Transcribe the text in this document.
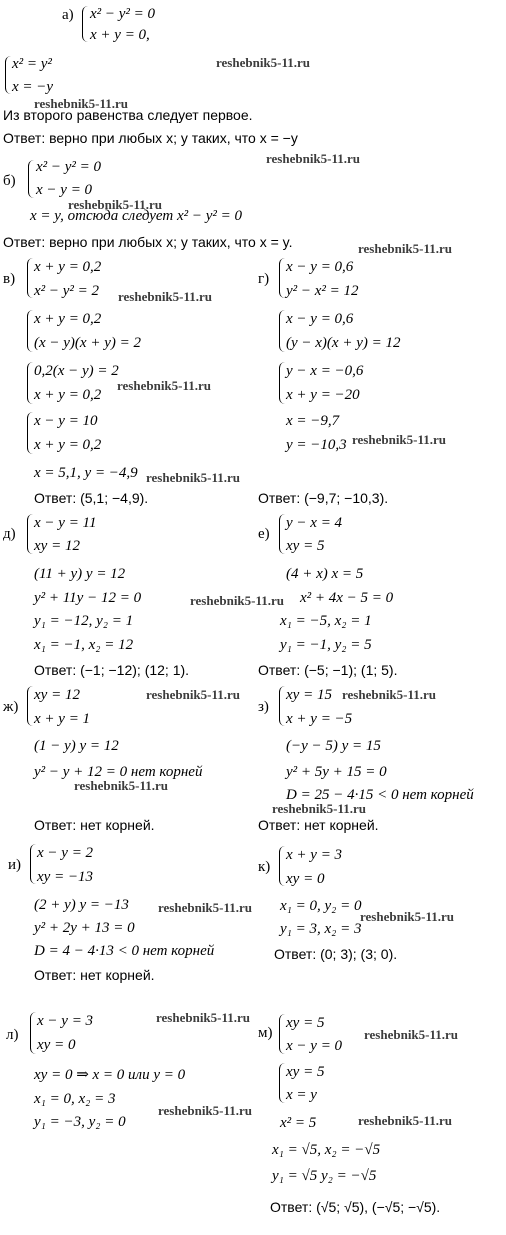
а) x² − y² = 0
x + y = 0,
x² = y²
x = −y
reshebnik5-11.ru
reshebnik5-11.ru
Из второго равенства следует первое.
Ответ: верно при любых x; y таких, что x = −y
reshebnik5-11.ru
б)
x² − y² = 0
x − y = 0
reshebnik5-11.ru
x = y, отсюда следует x² − y² = 0
Ответ: верно при любых x; y таких, что x = y.	reshebnik5-11.ru
в)
x + y = 0,2
x² − y² = 2 reshebnik5-11.ru
x + y = 0,2
(x − y)(x + y) = 2
0,2(x − y) = 2
x + y = 0,2
reshebnik5-11.ru
x − y = 10
x + y = 0,2
x = 5,1, y = −4,9 reshebnik5-11.ru
Ответ: (5,1; −4,9).
г)
x − y = 0,6
y² − x² = 12
x − y = 0,6
(y − x)(x + y) = 12
y − x = −0,6
x + y = −20
x = −9,7
y = −10,3 reshebnik5-11.ru
Ответ: (−9,7; −10,3).
д)
x − y = 11
xy = 12
(11 + y) y = 12
y² + 11y − 12 = 0	reshebnik5-11.ru
y₁ = −12, y₂ = 1
x₁ = −1, x₂ = 12
Ответ: (−1; −12); (12; 1).
е)
y − x = 4
xy = 5
(4 + x) x = 5
x² + 4x − 5 = 0
x₁ = −5, x₂ = 1
y₁ = −1, y₂ = 5
Ответ: (−5; −1); (1; 5).
ж)
xy = 12
x + y = 1
reshebnik5-11.ru
(1 − y) y = 12
y² − y + 12 = 0 нет корней
reshebnik5-11.ru
Ответ: нет корней.
з)
xy = 15
x + y = −5
reshebnik5-11.ru
(−y − 5) y = 15
y² + 5y + 15 = 0
D = 25 − 4·15 < 0 нет корней
reshebnik5-11.ru
Ответ: нет корней.
и)
x − y = 2
xy = −13
(2 + y) y = −13 reshebnik5-11.ru
y² + 2y + 13 = 0
D = 4 − 4·13 < 0 нет корней
Ответ: нет корней.
к)
x + y = 3
xy = 0
x₁ = 0, y₂ = 0
reshebnik5-11.ru
y₁ = 3, x₂ = 3
Ответ: (0; 3); (3; 0).
л)
x − y = 3
xy = 0
reshebnik5-11.ru
xy = 0 ⇒ x = 0 или y = 0
x₁ = 0, x₂ = 3
reshebnik5-11.ru
y₁ = −3, y₂ = 0
м)
xy = 5
x − y = 0
reshebnik5-11.ru
xy = 5
x = y
x² = 5	reshebnik5-11.ru
x₁ = √5, x₂ = −√5
y₁ = √5 y₂ = −√5
Ответ: (√5; √5), (−√5; −√5).
